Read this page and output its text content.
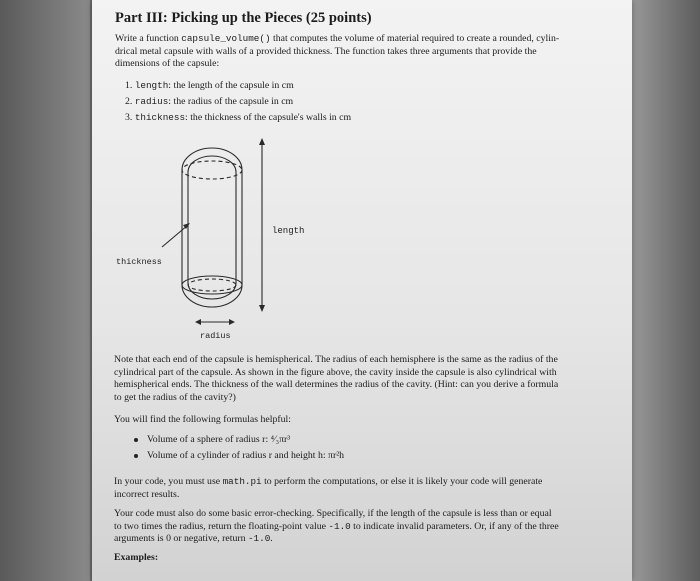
Part III: Picking up the Pieces (25 points)
Write a function capsule_volume() that computes the volume of material required to create a rounded, cylin-
drical metal capsule with walls of a provided thickness. The function takes three arguments that provide the
dimensions of the capsule:
1. length: the length of the capsule in cm
2. radius: the radius of the capsule in cm
3. thickness: the thickness of the capsule's walls in cm
length
thickness
radius
Note that each end of the capsule is hemispherical. The radius of each hemisphere is the same as the radius of the
cylindrical part of the capsule. As shown in the figure above, the cavity inside the capsule is also cylindrical with
hemispherical ends. The thickness of the wall determines the radius of the cavity. (Hint: can you derive a formula
to get the radius of the cavity?)
You will find the following formulas helpful:
Volume of a sphere of radius r: ⁴⁄₃πr³
Volume of a cylinder of radius r and height h: πr²h
In your code, you must use math.pi to perform the computations, or else it is likely your code will generate
incorrect results.
Your code must also do some basic error-checking. Specifically, if the length of the capsule is less than or equal
to two times the radius, return the floating-point value -1.0 to indicate invalid parameters. Or, if any of the three
arguments is 0 or negative, return -1.0.
Examples:
